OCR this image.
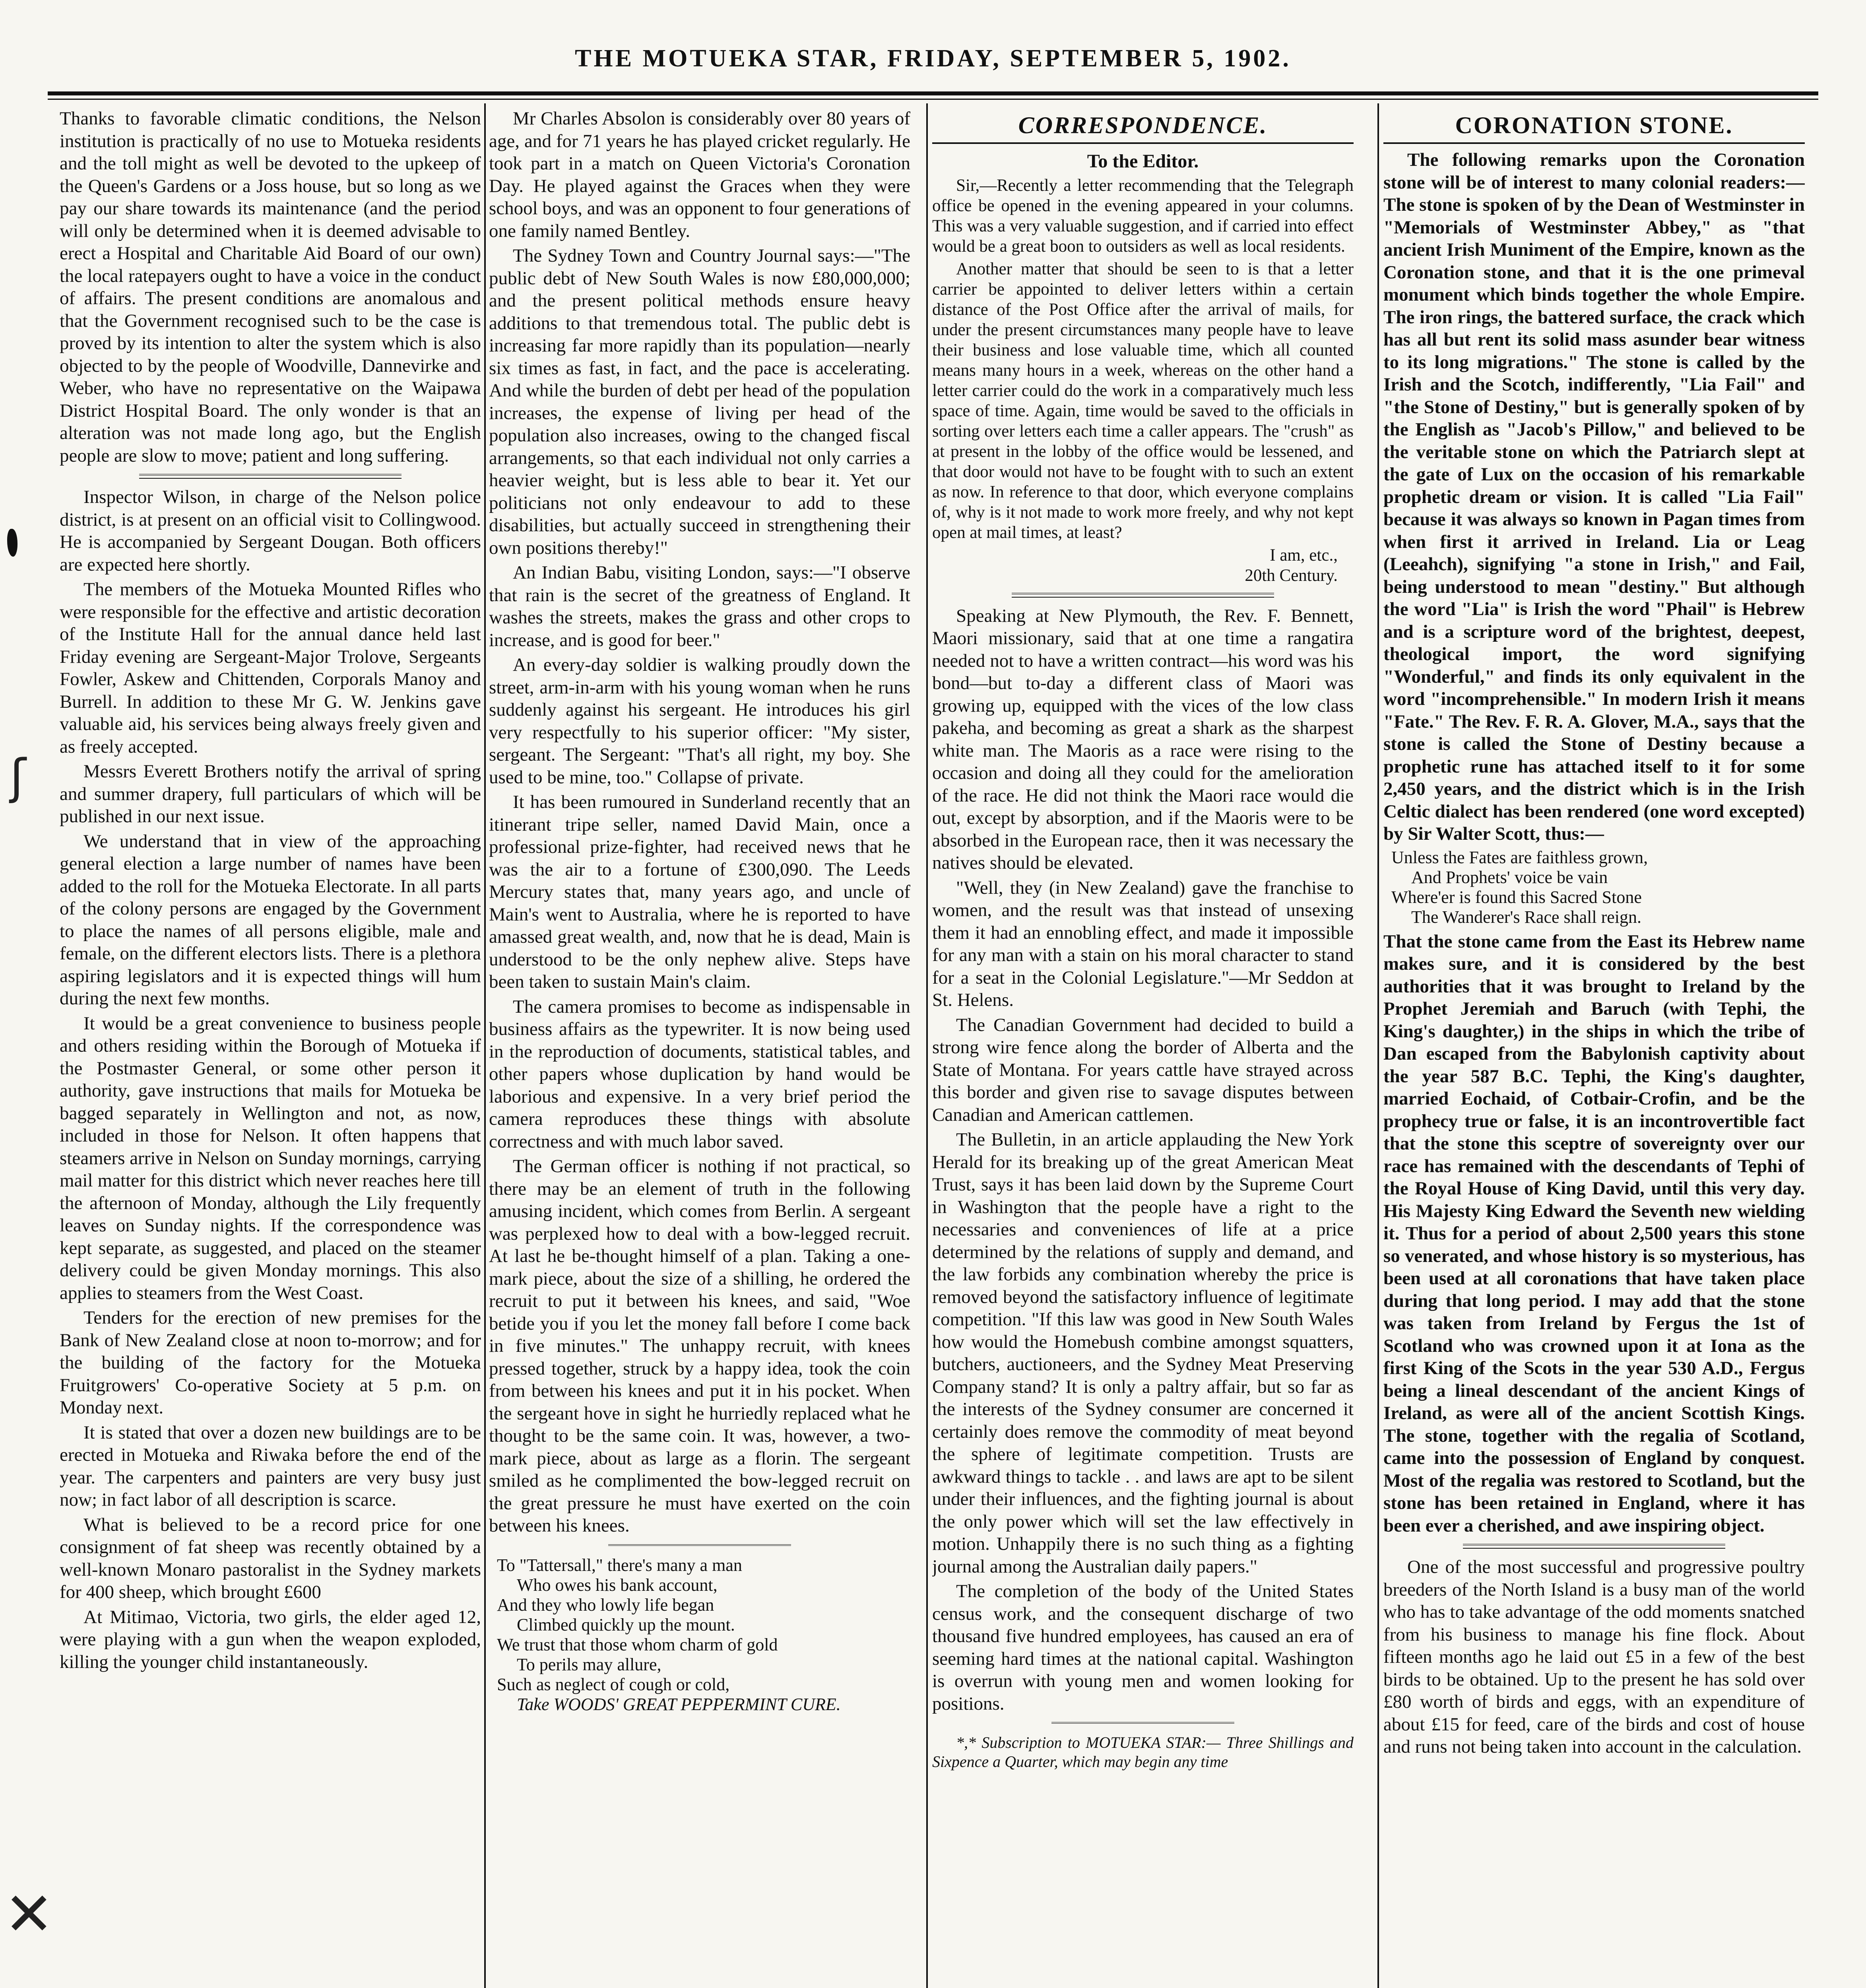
THE MOTUEKA STAR, FRIDAY, SEPTEMBER 5, 1902.

Thanks to favorable climatic conditions, the Nelson institution is practically of no use to Motueka residents and the toll might as well be devoted to the upkeep of the Queen's Gardens or a Joss house, but so long as we pay our share towards its maintenance (and the period will only be determined when it is deemed advisable to erect a Hospital and Charitable Aid Board of our own) the local ratepayers ought to have a voice in the conduct of affairs. The present conditions are anomalous and that the Government recognised such to be the case is proved by its intention to alter the system which is also objected to by the people of Woodville, Dannevirke and Weber, who have no representative on the Waipawa District Hospital Board. The only wonder is that an alteration was not made long ago, but the English people are slow to move; patient and long suffering.

Inspector Wilson, in charge of the Nelson police district, is at present on an official visit to Collingwood. He is accompanied by Sergeant Dougan. Both officers are expected here shortly.

The members of the Motueka Mounted Rifles who were responsible for the effective and artistic decoration of the Institute Hall for the annual dance held last Friday evening are Sergeant-Major Trolove, Sergeants Fowler, Askew and Chittenden, Corporals Manoy and Burrell. In addition to these Mr G. W. Jenkins gave valuable aid, his services being always freely given and as freely accepted.

Messrs Everett Brothers notify the arrival of spring and summer drapery, full particulars of which will be published in our next issue.

We understand that in view of the approaching general election a large number of names have been added to the roll for the Motueka Electorate. In all parts of the colony persons are engaged by the Government to place the names of all persons eligible, male and female, on the different electors lists. There is a plethora aspiring legislators and it is expected things will hum during the next few months.

It would be a great convenience to business people and others residing within the Borough of Motueka if the Postmaster General, or some other person it authority, gave instructions that mails for Motueka be bagged separately in Wellington and not, as now, included in those for Nelson. It often happens that steamers arrive in Nelson on Sunday mornings, carrying mail matter for this district which never reaches here till the afternoon of Monday, although the Lily frequently leaves on Sunday nights. If the correspondence was kept separate, as suggested, and placed on the steamer delivery could be given Monday mornings. This also applies to steamers from the West Coast.

Tenders for the erection of new premises for the Bank of New Zealand close at noon to-morrow; and for the building of the factory for the Motueka Fruitgrowers' Co-operative Society at 5 p.m. on Monday next.

It is stated that over a dozen new buildings are to be erected in Motueka and Riwaka before the end of the year. The carpenters and painters are very busy just now; in fact labor of all description is scarce.

What is believed to be a record price for one consignment of fat sheep was recently obtained by a well-known Monaro pastoralist in the Sydney markets for 400 sheep, which brought £600

At Mitimao, Victoria, two girls, the elder aged 12, were playing with a gun when the weapon exploded, killing the younger child instantaneously.

Mr Charles Absolon is considerably over 80 years of age, and for 71 years he has played cricket regularly. He took part in a match on Queen Victoria's Coronation Day. He played against the Graces when they were school boys, and was an opponent to four generations of one family named Bentley.

The Sydney Town and Country Journal says:—"The public debt of New South Wales is now £80,000,000; and the present political methods ensure heavy additions to that tremendous total. The public debt is increasing far more rapidly than its population—nearly six times as fast, in fact, and the pace is accelerating. And while the burden of debt per head of the population increases, the expense of living per head of the population also increases, owing to the changed fiscal arrangements, so that each individual not only carries a heavier weight, but is less able to bear it. Yet our politicians not only endeavour to add to these disabilities, but actually succeed in strengthening their own positions thereby!"

An Indian Babu, visiting London, says:—"I observe that rain is the secret of the greatness of England. It washes the streets, makes the grass and other crops to increase, and is good for beer."

An every-day soldier is walking proudly down the street, arm-in-arm with his young woman when he runs suddenly against his sergeant. He introduces his girl very respectfully to his superior officer: "My sister, sergeant. The Sergeant: "That's all right, my boy. She used to be mine, too." Collapse of private.

It has been rumoured in Sunderland recently that an itinerant tripe seller, named David Main, once a professional prize-fighter, had received news that he was the air to a fortune of £300,090. The Leeds Mercury states that, many years ago, and uncle of Main's went to Australia, where he is reported to have amassed great wealth, and, now that he is dead, Main is understood to be the only nephew alive. Steps have been taken to sustain Main's claim.

The camera promises to become as indispensable in business affairs as the typewriter. It is now being used in the reproduction of documents, statistical tables, and other papers whose duplication by hand would be laborious and expensive. In a very brief period the camera reproduces these things with absolute correctness and with much labor saved.

The German officer is nothing if not practical, so there may be an element of truth in the following amusing incident, which comes from Berlin. A sergeant was perplexed how to deal with a bow-legged recruit. At last he be-thought himself of a plan. Taking a one-mark piece, about the size of a shilling, he ordered the recruit to put it between his knees, and said, "Woe betide you if you let the money fall before I come back in five minutes." The unhappy recruit, with knees pressed together, struck by a happy idea, took the coin from between his knees and put it in his pocket. When the sergeant hove in sight he hurriedly replaced what he thought to be the same coin. It was, however, a two-mark piece, about as large as a florin. The sergeant smiled as he complimented the bow-legged recruit on the great pressure he must have exerted on the coin between his knees.

To "Tattersall," there's many a man
Who owes his bank account,
And they who lowly life began
Climbed quickly up the mount.
We trust that those whom charm of gold
To perils may allure,
Such as neglect of cough or cold,
Take WOODS' GREAT PEPPERMINT CURE.
CORRESPONDENCE.
To the Editor.

Sir,—Recently a letter recommending that the Telegraph office be opened in the evening appeared in your columns. This was a very valuable suggestion, and if carried into effect would be a great boon to outsiders as well as local residents.

Another matter that should be seen to is that a letter carrier be appointed to deliver letters within a certain distance of the Post Office after the arrival of mails, for under the present circumstances many people have to leave their business and lose valuable time, which all counted means many hours in a week, whereas on the other hand a letter carrier could do the work in a comparatively much less space of time. Again, time would be saved to the officials in sorting over letters each time a caller appears. The "crush" as at present in the lobby of the office would be lessened, and that door would not have to be fought with to such an extent as now. In reference to that door, which everyone complains of, why is it not made to work more freely, and why not kept open at mail times, at least?

I am, etc.,
20th Century.

Speaking at New Plymouth, the Rev. F. Bennett, Maori missionary, said that at one time a rangatira needed not to have a written contract—his word was his bond—but to-day a different class of Maori was growing up, equipped with the vices of the low class pakeha, and becoming as great a shark as the sharpest white man. The Maoris as a race were rising to the occasion and doing all they could for the amelioration of the race. He did not think the Maori race would die out, except by absorption, and if the Maoris were to be absorbed in the European race, then it was necessary the natives should be elevated.

"Well, they (in New Zealand) gave the franchise to women, and the result was that instead of unsexing them it had an ennobling effect, and made it impossible for any man with a stain on his moral character to stand for a seat in the Colonial Legislature."—Mr Seddon at St. Helens.

The Canadian Government had decided to build a strong wire fence along the border of Alberta and the State of Montana. For years cattle have strayed across this border and given rise to savage disputes between Canadian and American cattlemen.

The Bulletin, in an article applauding the New York Herald for its breaking up of the great American Meat Trust, says it has been laid down by the Supreme Court in Washington that the people have a right to the necessaries and conveniences of life at a price determined by the relations of supply and demand, and the law forbids any combination whereby the price is removed beyond the satisfactory influence of legitimate competition. "If this law was good in New South Wales how would the Homebush combine amongst squatters, butchers, auctioneers, and the Sydney Meat Preserving Company stand? It is only a paltry affair, but so far as the interests of the Sydney consumer are concerned it certainly does remove the commodity of meat beyond the sphere of legitimate competition. Trusts are awkward things to tackle . . and laws are apt to be silent under their influences, and the fighting journal is about the only power which will set the law effectively in motion. Unhappily there is no such thing as a fighting journal among the Australian daily papers."

The completion of the body of the United States census work, and the consequent discharge of two thousand five hundred employees, has caused an era of seeming hard times at the national capital. Washington is overrun with young men and women looking for positions.

*,* Subscription to MOTUEKA STAR:— Three Shillings and Sixpence a Quarter, which may begin any time

CORONATION STONE.

The following remarks upon the Coronation stone will be of interest to many colonial readers:—The stone is spoken of by the Dean of Westminster in "Memorials of Westminster Abbey," as "that ancient Irish Muniment of the Empire, known as the Coronation stone, and that it is the one primeval monument which binds together the whole Empire. The iron rings, the battered surface, the crack which has all but rent its solid mass asunder bear witness to its long migrations." The stone is called by the Irish and the Scotch, indifferently, "Lia Fail" and "the Stone of Destiny," but is generally spoken of by the English as "Jacob's Pillow," and believed to be the veritable stone on which the Patriarch slept at the gate of Lux on the occasion of his remarkable prophetic dream or vision. It is called "Lia Fail" because it was always so known in Pagan times from when first it arrived in Ireland. Lia or Leag (Leeahch), signifying "a stone in Irish," and Fail, being understood to mean "destiny." But although the word "Lia" is Irish the word "Phail" is Hebrew and is a scripture word of the brightest, deepest, theological import, the word signifying "Wonderful," and finds its only equivalent in the word "incomprehensible." In modern Irish it means "Fate." The Rev. F. R. A. Glover, M.A., says that the stone is called the Stone of Destiny because a prophetic rune has attached itself to it for some 2,450 years, and the district which is in the Irish Celtic dialect has been rendered (one word excepted) by Sir Walter Scott, thus:—

Unless the Fates are faithless grown,
And Prophets' voice be vain
Where'er is found this Sacred Stone
The Wanderer's Race shall reign.

That the stone came from the East its Hebrew name makes sure, and it is considered by the best authorities that it was brought to Ireland by the Prophet Jeremiah and Baruch (with Tephi, the King's daughter,) in the ships in which the tribe of Dan escaped from the Babylonish captivity about the year 587 B.C. Tephi, the King's daughter, married Eochaid, of Cotbair-Crofin, and be the prophecy true or false, it is an incontrovertible fact that the stone this sceptre of sovereignty over our race has remained with the descendants of Tephi of the Royal House of King David, until this very day. His Majesty King Edward the Seventh new wielding it. Thus for a period of about 2,500 years this stone so venerated, and whose history is so mysterious, has been used at all coronations that have taken place during that long period. I may add that the stone was taken from Ireland by Fergus the 1st of Scotland who was crowned upon it at Iona as the first King of the Scots in the year 530 A.D., Fergus being a lineal descendant of the ancient Kings of Ireland, as were all of the ancient Scottish Kings. The stone, together with the regalia of Scotland, came into the possession of England by conquest. Most of the regalia was restored to Scotland, but the stone has been retained in England, where it has been ever a cherished, and awe inspiring object.

One of the most successful and progressive poultry breeders of the North Island is a busy man of the world who has to take advantage of the odd moments snatched from his business to manage his fine flock. About fifteen months ago he laid out £5 in a few of the best birds to be obtained. Up to the present he has sold over £80 worth of birds and eggs, with an expenditure of about £15 for feed, care of the birds and cost of house and runs not being taken into account in the calculation.

ʃ
✕
